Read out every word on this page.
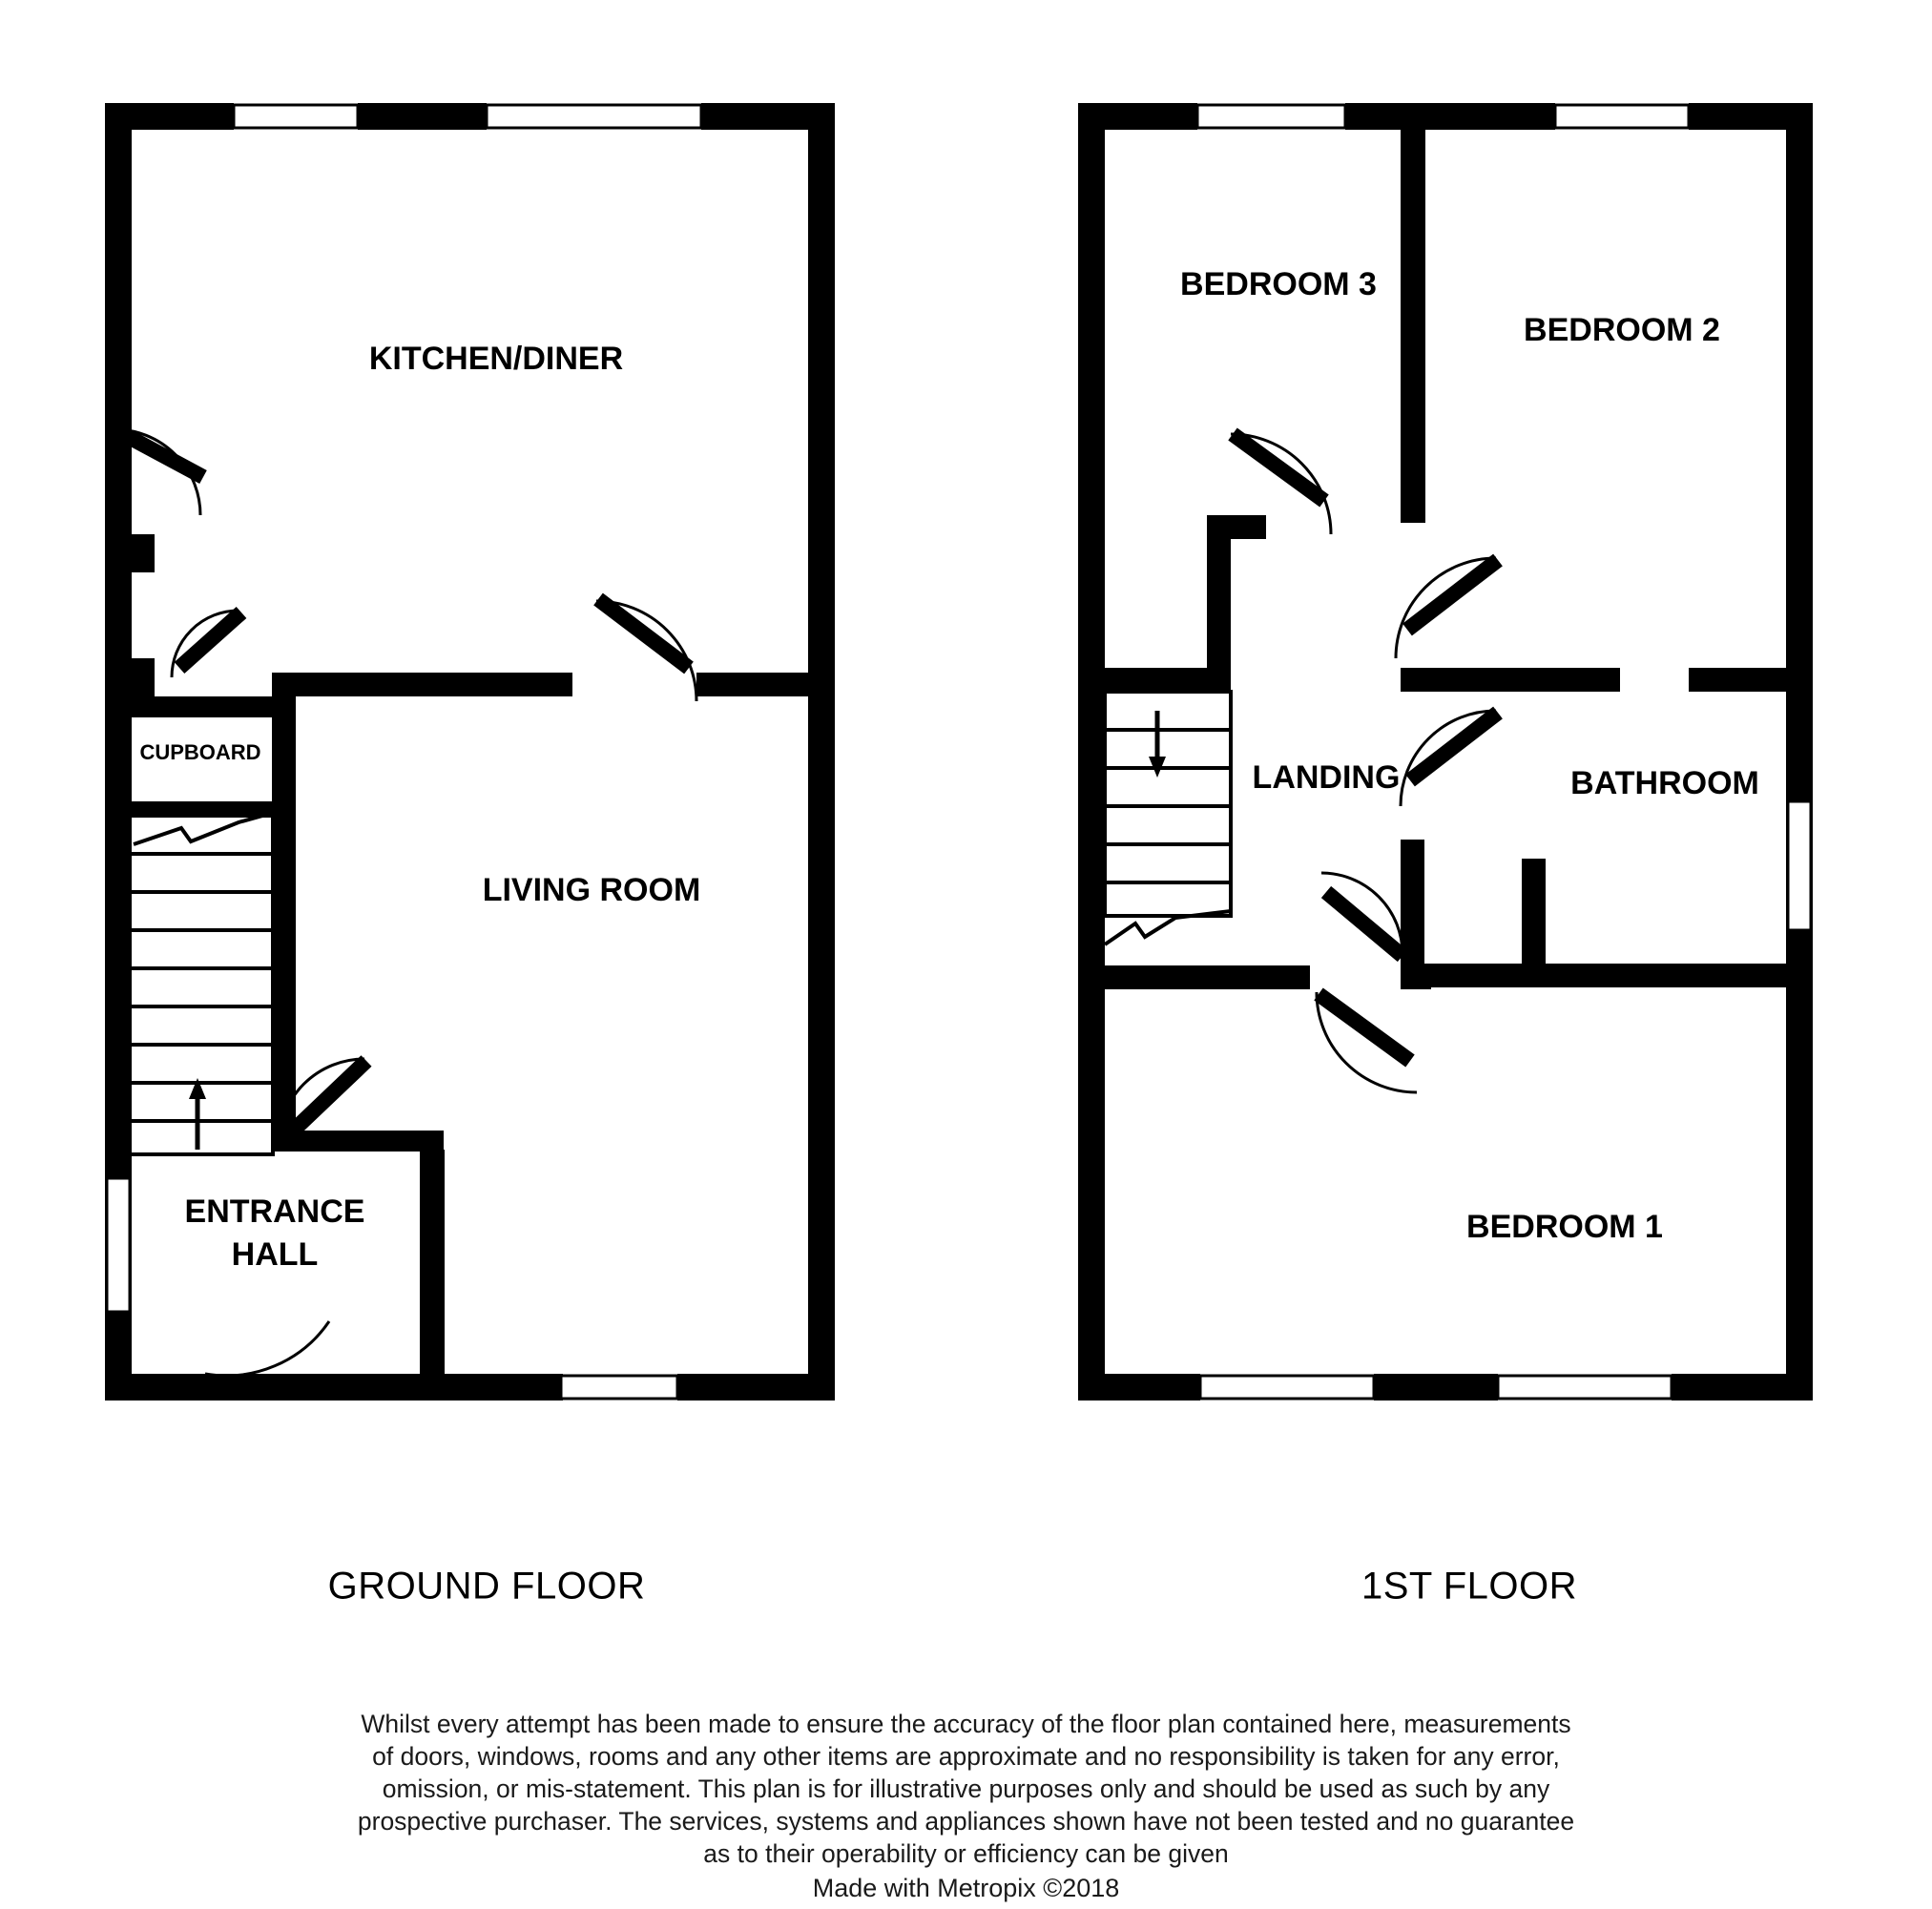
KITCHEN/DINER
LIVING ROOM
ENTRANCE
HALL
CUPBOARD
GROUND FLOOR
BEDROOM 3
BEDROOM 2
LANDING	BATHROOM
BEDROOM 1
1ST FLOOR
Whilst every attempt has been made to ensure the accuracy of the floor plan contained here, measurements
of doors, windows, rooms and any other items are approximate and no responsibility is taken for any error,
omission, or mis-statement. This plan is for illustrative purposes only and should be used as such by any
prospective purchaser. The services, systems and appliances shown have not been tested and no guarantee
as to their operability or efficiency can be given
Made with Metropix ©2018
